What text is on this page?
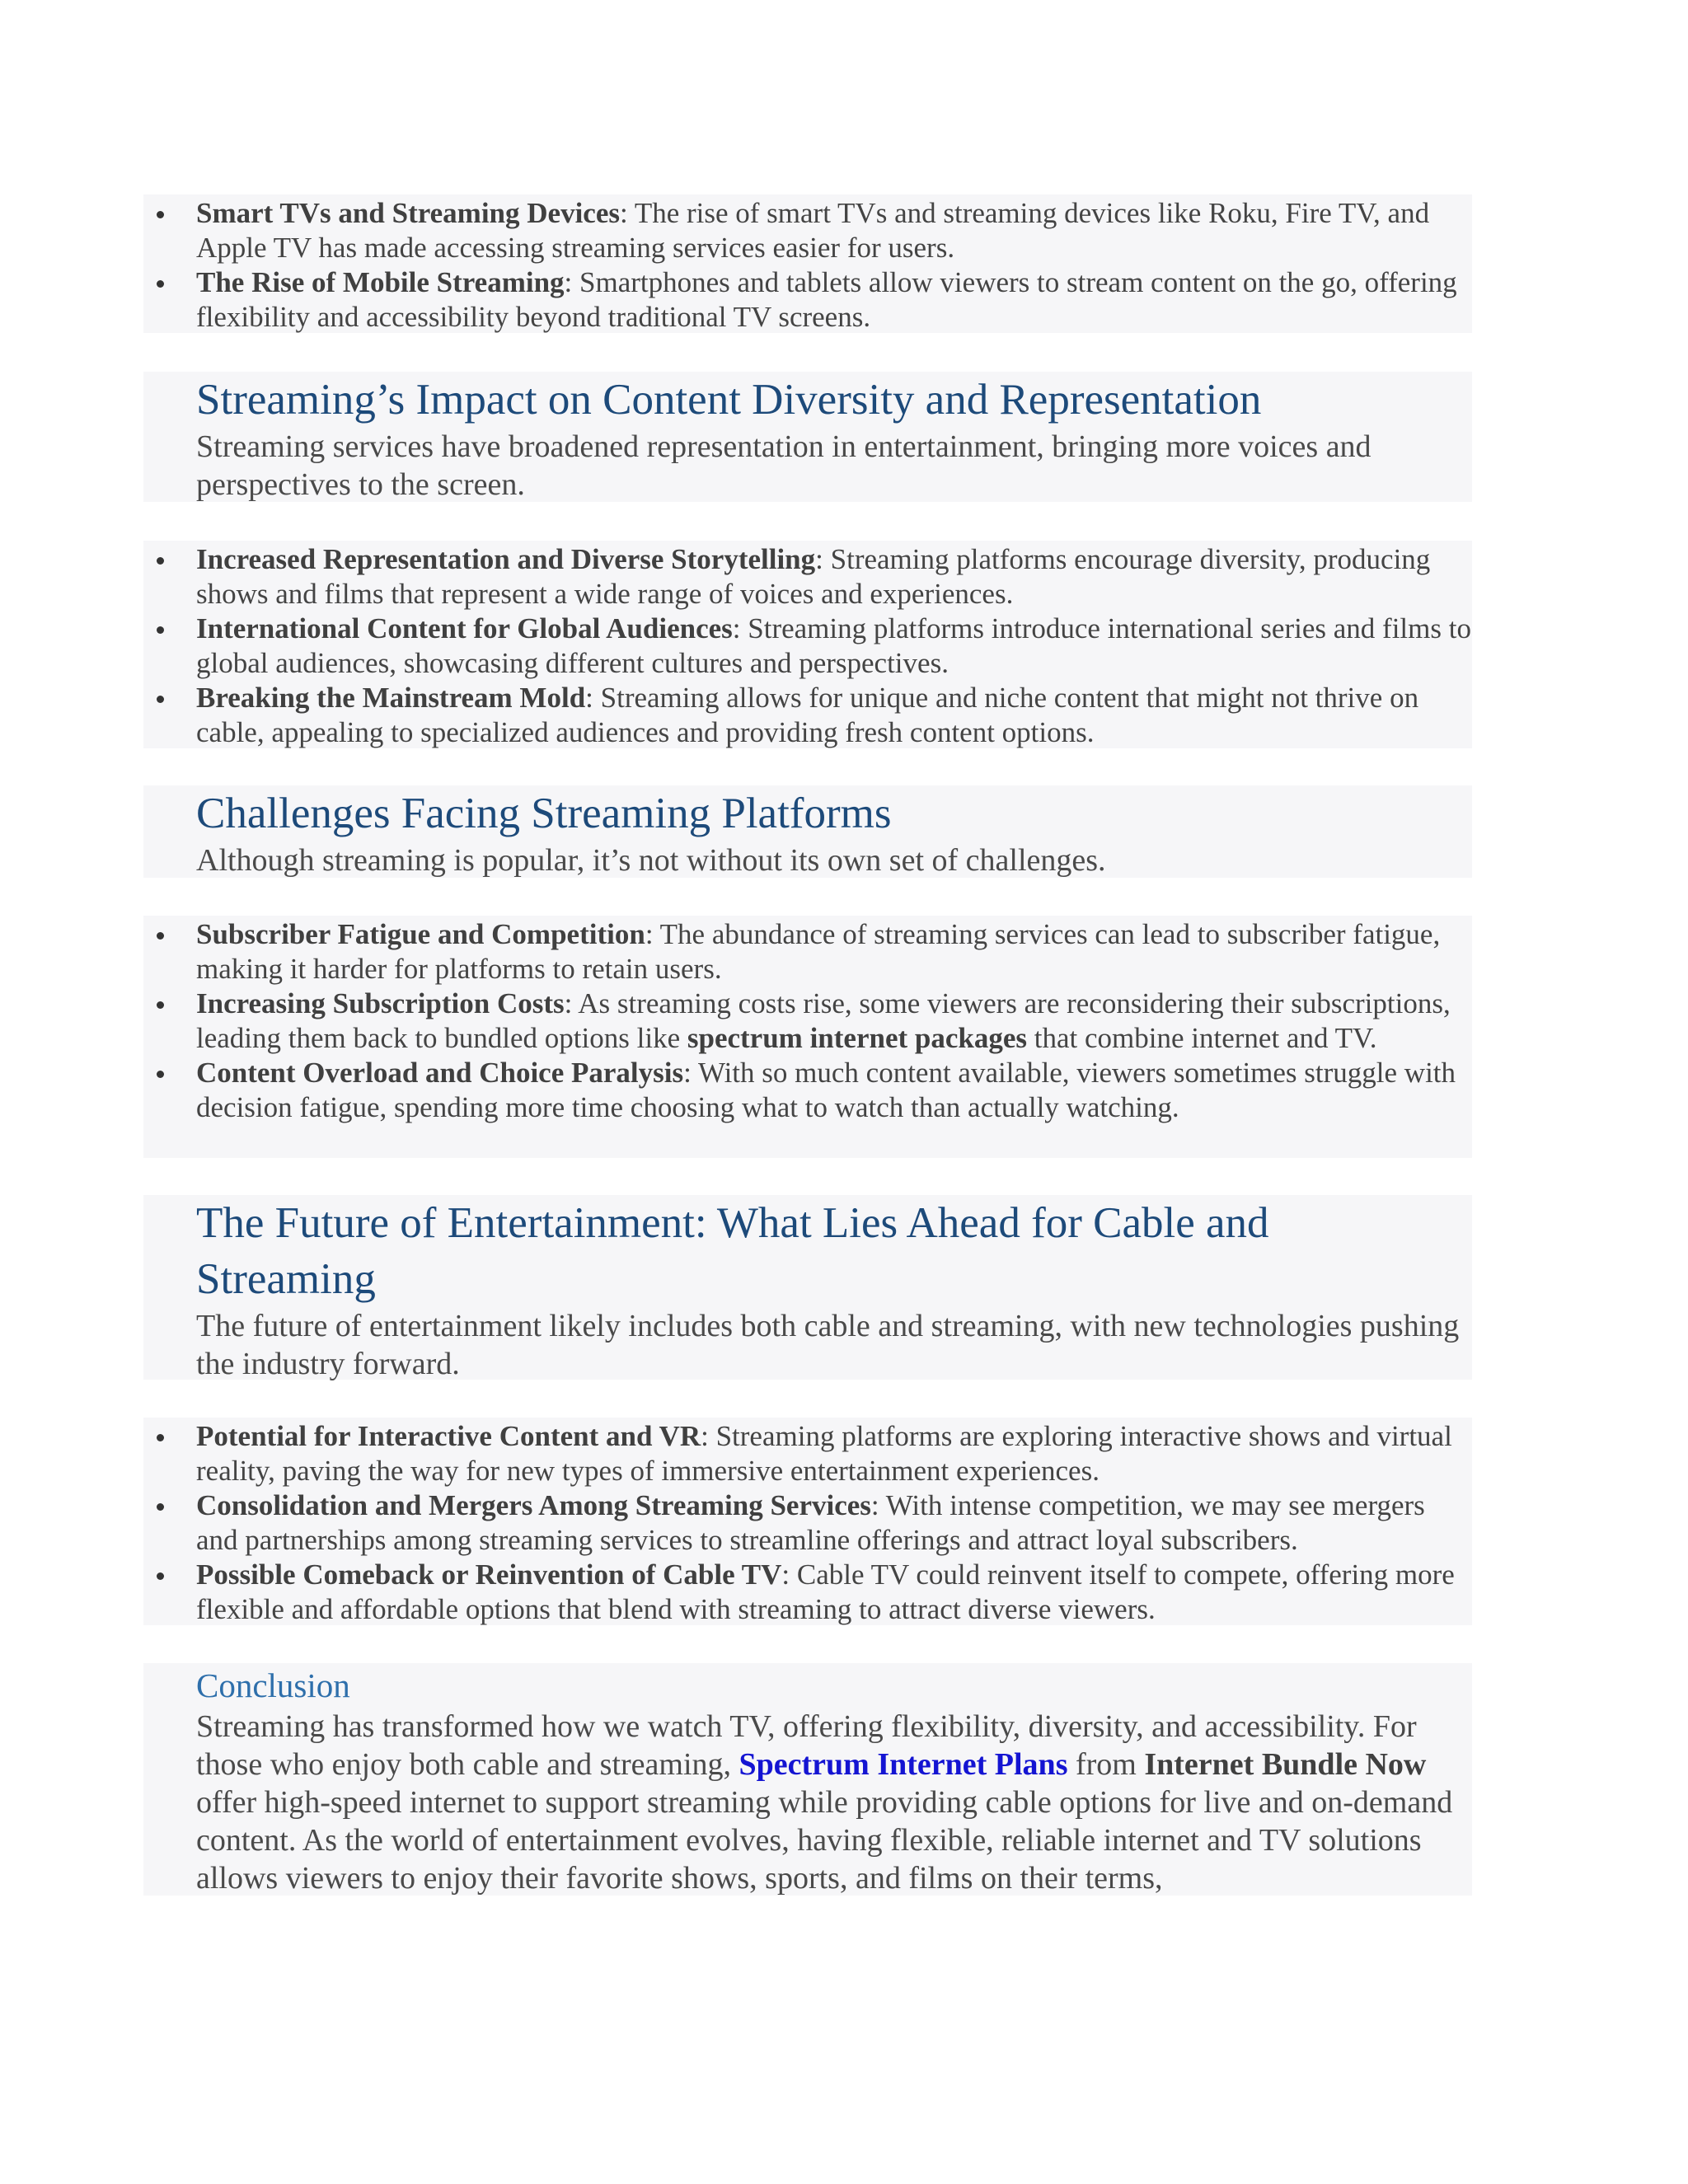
Smart TVs and Streaming Devices: The rise of smart TVs and streaming devices like Roku, Fire TV, and Apple TV has made accessing streaming services easier for users.
The Rise of Mobile Streaming: Smartphones and tablets allow viewers to stream content on the go, offering flexibility and accessibility beyond traditional TV screens.
Streaming’s Impact on Content Diversity and Representation
Streaming services have broadened representation in entertainment, bringing more voices and perspectives to the screen.
Increased Representation and Diverse Storytelling: Streaming platforms encourage diversity, producing shows and films that represent a wide range of voices and experiences.
International Content for Global Audiences: Streaming platforms introduce international series and films to global audiences, showcasing different cultures and perspectives.
Breaking the Mainstream Mold: Streaming allows for unique and niche content that might not thrive on cable, appealing to specialized audiences and providing fresh content options.
Challenges Facing Streaming Platforms
Although streaming is popular, it’s not without its own set of challenges.
Subscriber Fatigue and Competition: The abundance of streaming services can lead to subscriber fatigue, making it harder for platforms to retain users.
Increasing Subscription Costs: As streaming costs rise, some viewers are reconsidering their subscriptions, leading them back to bundled options like spectrum internet packages that combine internet and TV.
Content Overload and Choice Paralysis: With so much content available, viewers sometimes struggle with decision fatigue, spending more time choosing what to watch than actually watching.
The Future of Entertainment: What Lies Ahead for Cable and Streaming
The future of entertainment likely includes both cable and streaming, with new technologies pushing the industry forward.
Potential for Interactive Content and VR: Streaming platforms are exploring interactive shows and virtual reality, paving the way for new types of immersive entertainment experiences.
Consolidation and Mergers Among Streaming Services: With intense competition, we may see mergers and partnerships among streaming services to streamline offerings and attract loyal subscribers.
Possible Comeback or Reinvention of Cable TV: Cable TV could reinvent itself to compete, offering more flexible and affordable options that blend with streaming to attract diverse viewers.
Conclusion
Streaming has transformed how we watch TV, offering flexibility, diversity, and accessibility. For those who enjoy both cable and streaming, Spectrum Internet Plans from Internet Bundle Now offer high-speed internet to support streaming while providing cable options for live and on-demand content. As the world of entertainment evolves, having flexible, reliable internet and TV solutions allows viewers to enjoy their favorite shows, sports, and films on their terms,
